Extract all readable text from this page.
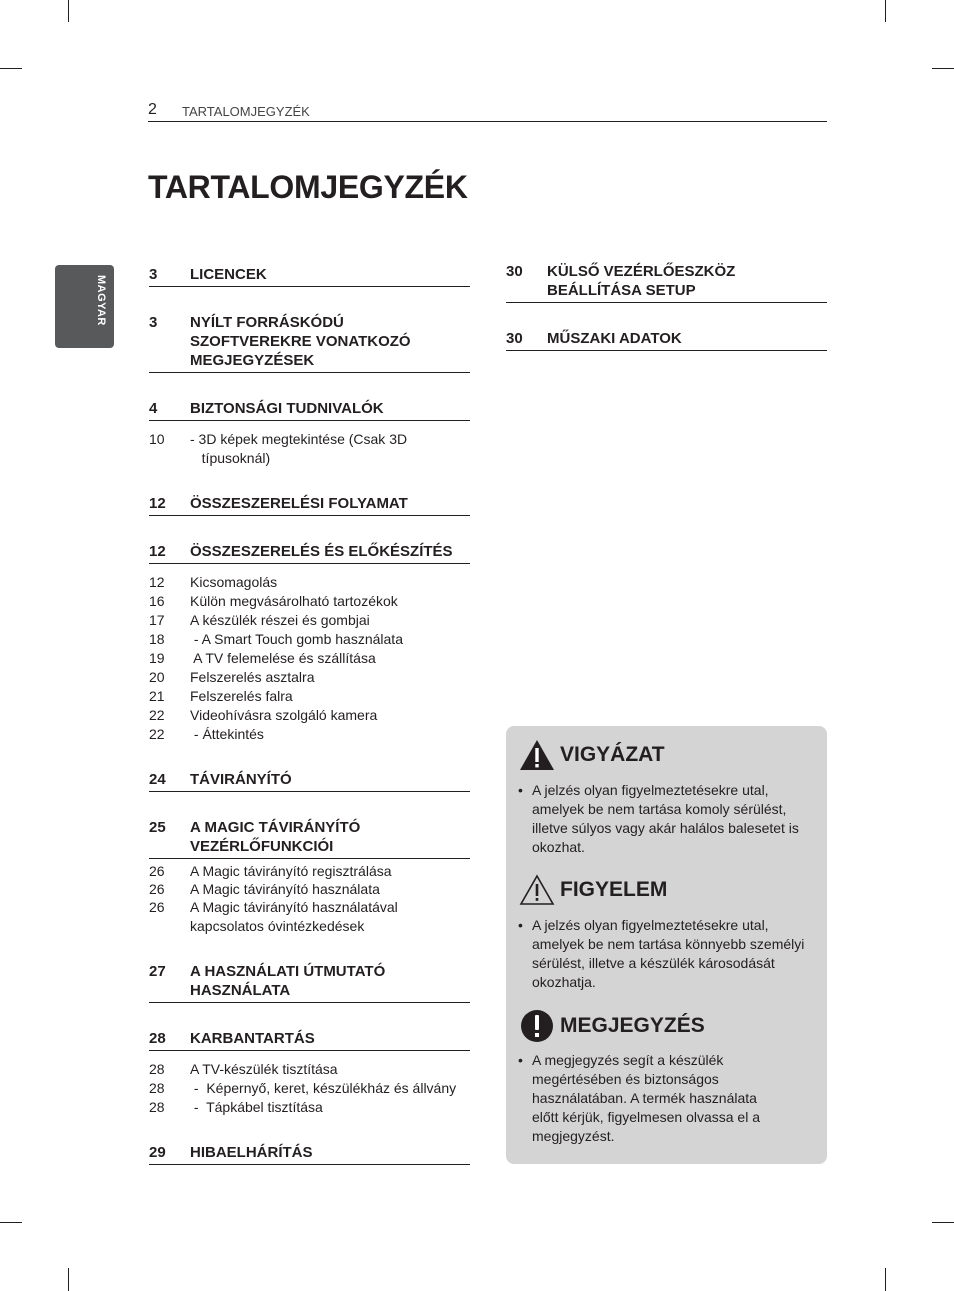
2 TARTALOMJEGYZÉK
TARTALOMJEGYZÉK
MAGYAR
3	LICENCEK
3	NYÍLT FORRÁSKÓDÚ
SZOFTVEREKRE VONATKOZÓ
MEGJEGYZÉSEK
4	BIZTONSÁGI TUDNIVALÓK
10	- 3D képek megtekintése (Csak 3D
típusoknál)
12	ÖSSZESZERELÉSI FOLYAMAT
12	ÖSSZESZERELÉS ÉS ELŐKÉSZÍTÉS
12	Kicsomagolás
16	Külön megvásárolható tartozékok
17	A készülék részei és gombjai
18	- A Smart Touch gomb használata
19	A TV felemelése és szállítása
20	Felszerelés asztalra
21	Felszerelés falra
22	Videohívásra szolgáló kamera
22	- Áttekintés
24	TÁVIRÁNYÍTÓ
25	A MAGIC TÁVIRÁNYÍTÓ
VEZÉRLŐFUNKCIÓI
26	A Magic távirányító regisztrálása
26	A Magic távirányító használata
26	A Magic távirányító használatával
kapcsolatos óvintézkedések
27	A HASZNÁLATI ÚTMUTATÓ
HASZNÁLATA
28	KARBANTARTÁS
28	A TV-készülék tisztítása
28	-  Képernyő, keret, készülékház és állvány
28	-  Tápkábel tisztítása
29	HIBAELHÁRÍTÁS
30	KÜLSŐ VEZÉRLŐESZKÖZ
BEÁLLÍTÁSA SETUP
30	MŰSZAKI ADATOK
VIGYÁZAT
• A jelzés olyan figyelmeztetésekre utal,
amelyek be nem tartása komoly sérülést,
illetve súlyos vagy akár halálos balesetet is
okozhat.
FIGYELEM
• A jelzés olyan figyelmeztetésekre utal,
amelyek be nem tartása könnyebb személyi
sérülést, illetve a készülék károsodását
okozhatja.
MEGJEGYZÉS
• A megjegyzés segít a készülék
megértésében és biztonságos
használatában. A termék használata
előtt kérjük, figyelmesen olvassa el a
megjegyzést.
